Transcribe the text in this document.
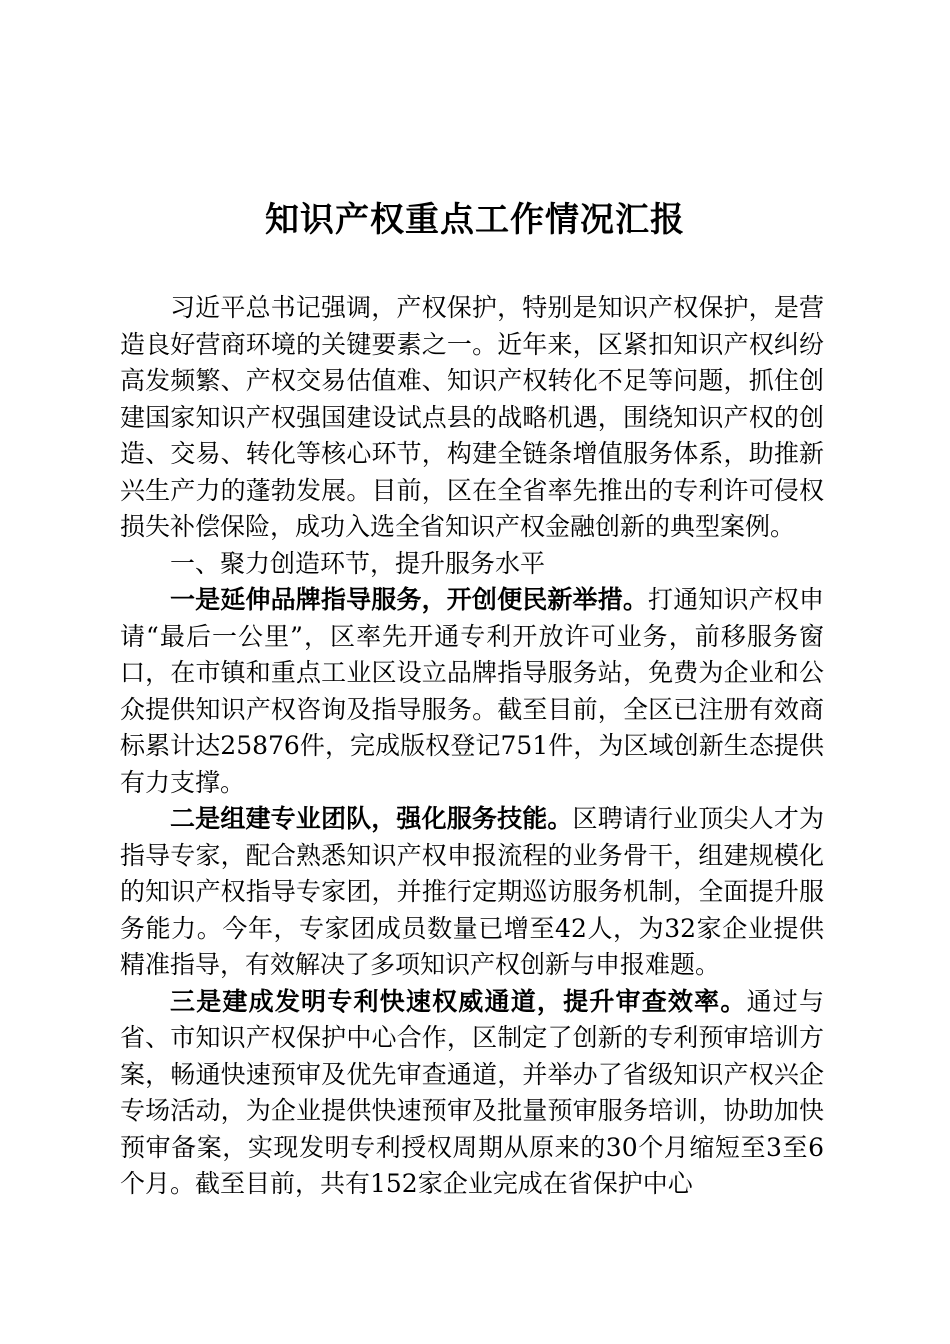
知识产权重点工作情况汇报

习近平总书记强调，产权保护，特别是知识产权保护，是营造良好营商环境的关键要素之一。近年来，区紧扣知识产权纠纷高发频繁、产权交易估值难、知识产权转化不足等问题，抓住创建国家知识产权强国建设试点县的战略机遇，围绕知识产权的创造、交易、转化等核心环节，构建全链条增值服务体系，助推新兴生产力的蓬勃发展。目前，区在全省率先推出的专利许可侵权损失补偿保险，成功入选全省知识产权金融创新的典型案例。

一、聚力创造环节，提升服务水平

一是延伸品牌指导服务，开创便民新举措。打通知识产权申请“最后一公里”，区率先开通专利开放许可业务，前移服务窗口，在市镇和重点工业区设立品牌指导服务站，免费为企业和公众提供知识产权咨询及指导服务。截至目前，全区已注册有效商标累计达25876件，完成版权登记751件，为区域创新生态提供有力支撑。

二是组建专业团队，强化服务技能。区聘请行业顶尖人才为指导专家，配合熟悉知识产权申报流程的业务骨干，组建规模化的知识产权指导专家团，并推行定期巡访服务机制，全面提升服务能力。今年，专家团成员数量已增至42人，为32家企业提供精准指导，有效解决了多项知识产权创新与申报难题。

三是建成发明专利快速权威通道，提升审查效率。通过与省、市知识产权保护中心合作，区制定了创新的专利预审培训方案，畅通快速预审及优先审查通道，并举办了省级知识产权兴企专场活动，为企业提供快速预审及批量预审服务培训，协助加快预审备案，实现发明专利授权周期从原来的30个月缩短至3至6个月。截至目前，共有152家企业完成在省保护中心
